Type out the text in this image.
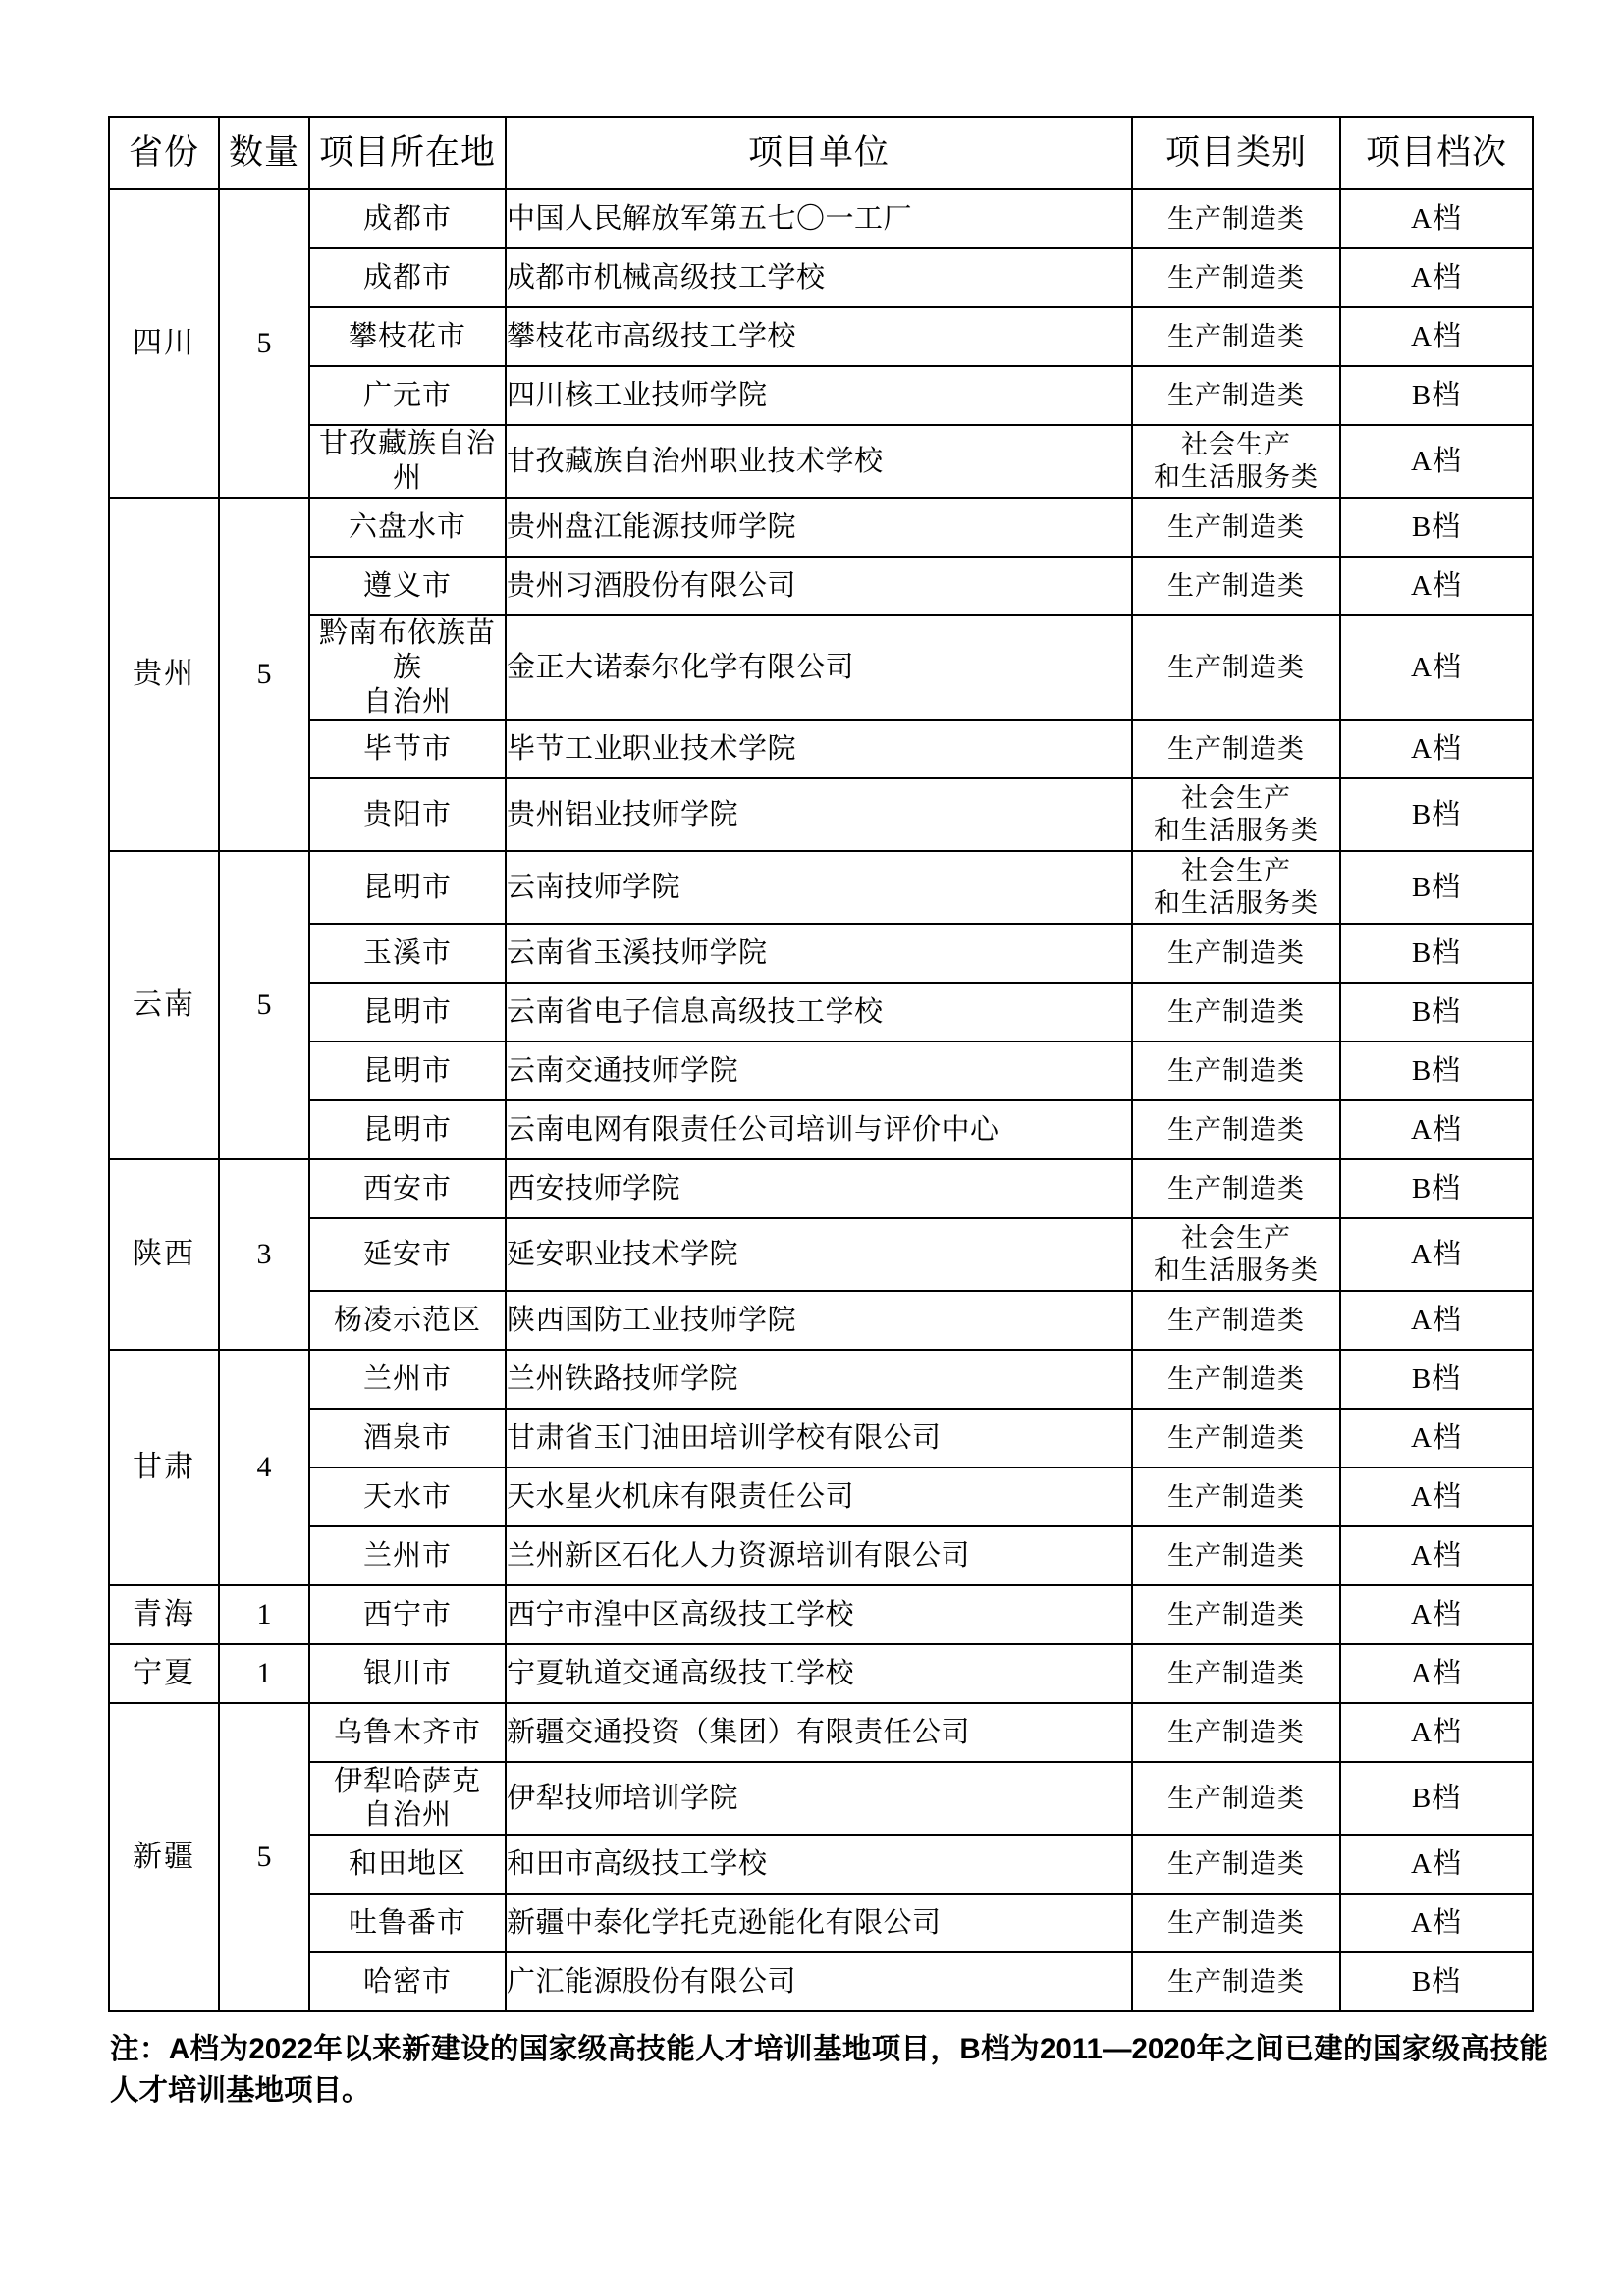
省份	数量	项目所在地	项目单位	项目类别	项目档次
四川	5	成都市	中国人民解放军第五七〇一工厂	生产制造类	A档
		成都市	成都市机械高级技工学校	生产制造类	A档
		攀枝花市	攀枝花市高级技工学校	生产制造类	A档
		广元市	四川核工业技师学院	生产制造类	B档
		甘孜藏族自治州	甘孜藏族自治州职业技术学校	社会生产
和生活服务类	A档
贵州	5	六盘水市	贵州盘江能源技师学院	生产制造类	B档
		遵义市	贵州习酒股份有限公司	生产制造类	A档

		黔南布依族苗族
自治州	金正大诺泰尔化学有限公司	生产制造类	A档
		毕节市	毕节工业职业技术学院	生产制造类	A档
		贵阳市	贵州铝业技师学院	社会生产
和生活服务类	B档
云南	5	昆明市	云南技师学院	社会生产
和生活服务类	B档
		玉溪市	云南省玉溪技师学院	生产制造类	B档
		昆明市	云南省电子信息高级技工学校	生产制造类	B档
		昆明市	云南交通技师学院	生产制造类	B档
		昆明市	云南电网有限责任公司培训与评价中心	生产制造类	A档
陕西	3	西安市	西安技师学院	生产制造类	B档
		延安市	延安职业技术学院	社会生产
和生活服务类	A档
		杨凌示范区	陕西国防工业技师学院	生产制造类	A档
甘肃	4	兰州市	兰州铁路技师学院	生产制造类	B档
		酒泉市	甘肃省玉门油田培训学校有限公司	生产制造类	A档
		天水市	天水星火机床有限责任公司	生产制造类	A档
		兰州市	兰州新区石化人力资源培训有限公司	生产制造类	A档
青海	1	西宁市	西宁市湟中区高级技工学校	生产制造类	A档
宁夏	1	银川市	宁夏轨道交通高级技工学校	生产制造类	A档
新疆	5	乌鲁木齐市	新疆交通投资（集团）有限责任公司	生产制造类	A档

		伊犁哈萨克
自治州	伊犁技师培训学院	生产制造类	B档
		和田地区	和田市高级技工学校	生产制造类	A档
		吐鲁番市	新疆中泰化学托克逊能化有限公司	生产制造类	A档
		哈密市	广汇能源股份有限公司	生产制造类	B档
注：A档为2022年以来新建设的国家级高技能人才培训基地项目，B档为2011—2020年之间已建的国家级高技能人才培训基地项目。
